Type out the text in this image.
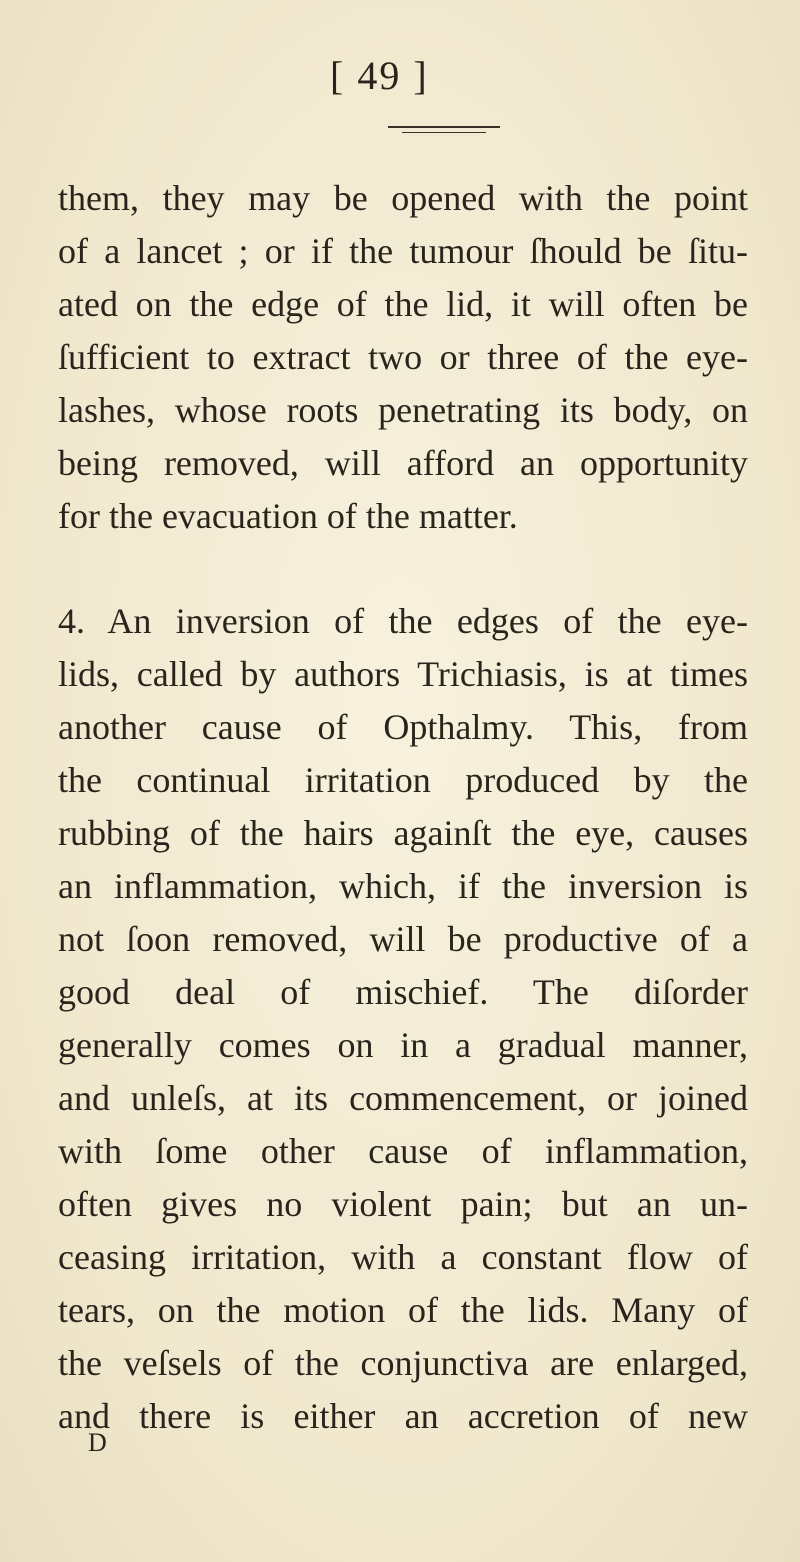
[ 49 ]

them, they may be opened with the point
of a lancet ; or if the tumour ſhould be ſitu-
ated on the edge of the lid, it will often be
ſufficient to extract two or three of the eye-
lashes, whose roots penetrating its body, on
being removed, will afford an opportunity
for the evacuation of the matter.
4. An inversion of the edges of the eye-
lids, called by authors Trichiasis, is at times
another cause of Opthalmy. This, from
the continual irritation produced by the
rubbing of the hairs againſt the eye, causes
an inflammation, which, if the inversion is
not ſoon removed, will be productive of a
good deal of mischief. The diſorder
generally comes on in a gradual manner,
and unleſs, at its commencement, or joined
with ſome other cause of inflammation,
often gives no violent pain; but an un-
ceasing irritation, with a constant flow of
tears, on the motion of the lids. Many of
the veſsels of the conjunctiva are enlarged,
and there is either an accretion of new

D
